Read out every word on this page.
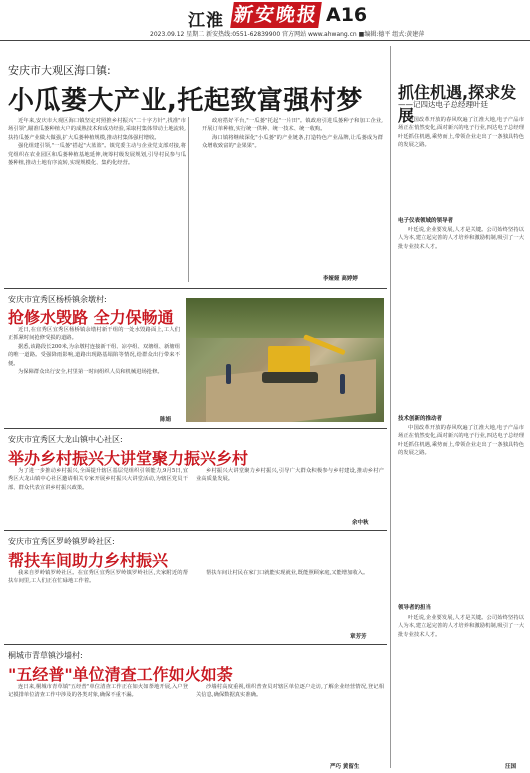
江淮 新安晚报 A16
2023.09.12 星期二 新安热线:0551-62839900 官方网站 www.ahwang.cn ■编辑:德平 组式:黄建萍
安庆市大观区海口镇:
小瓜蒌大产业,托起致富强村梦

近年来,安庆市大观区海口镇坚定对照推乡村振兴"二十字方针",找准"市场引领",瞄准瓜蒌种植大户的成熟技术和成功经验,采取村集体带动土地流转,扶持瓜蒌产业做大做强,扩大瓜蒌种植规模,推动村集体强村增收。

强化组建引领,"一瓜蒌"搭起"大蓝篮"。镇党委主动与企业党支部对接,将党组织在农业园区和瓜蒌种植基地延伸,统筹村级发展规划,引导村民参与瓜蒌种植,推动土地有序流转,实现规模化、集约化经营。

政府搭好平台,"一瓜蒌"托起"一片田"。镇政府引进瓜蒌种子和加工企业,开展订单种植,实行统一供种、统一技术、统一收购。

海口镇将继续深化"小瓜蒌"的产业链条,打造特色产业品牌,让瓜蒌成为群众增收致富的"金果果"。

李娅娅 高婷婷
安庆市宜秀区杨桥镇余墩村:
抢修水毁路 全力保畅通

近日,在宜秀区宜秀区杨桥镇余墩村新干组的一处水毁路面上,工人们正抓紧时间抢修受损的道路。

据悉,该路段长200米,为余墩村连接新干组、凉亭组、双塘组、新塘组的唯一道路。受强降雨影响,道路出现路基塌陷等情况,给群众出行带来不便。

为保障群众出行安全,村里第一时间组织人员和机械进场抢修。

陈娟
安庆市宜秀区大龙山镇中心社区:
举办乡村振兴大讲堂聚力振兴乡村

为了进一步推动乡村振兴,全面提升辖区基层党组织引领能力,9月5日,宜秀区大龙山镇中心社区邀请相关专家开展乡村振兴大讲堂活动,为辖区党员干部、群众代表宣讲乡村振兴政策。

乡村振兴大讲堂聚力乡村振兴,引导广大群众积极参与乡村建设,推动乡村产业高质量发展。

余中秋
安庆市宜秀区罗岭镇罗岭社区:
帮扶车间助力乡村振兴

我来自罗岭镇罗岭社区。在宜秀区宜秀区罗岭镇罗岭社区,夫家附近的帮扶车间里,工人们正在忙碌地工作着。

帮扶车间让村民在家门口就能实现就业,既能照顾家庭,又能增加收入。

章芳芳
桐城市青草镇沙墙村:
"五经普"单位清查工作如火如荼

连日来,桐城市青草镇"五经普"单位清查工作正在如火如荼地开展,入户登记摸排单位清查工作中涉及的各类对象,确保不重不漏。

沙墙村高度重视,组织普查员对辖区单位逐户走访,了解企业经营情况,登记相关信息,确保数据真实准确。

严巧 黄留生
抓住机遇,探求发展
——记四达电子总经理叶廷

中国改革开放的春风吹遍了江淮大地,电子产品市场正在悄然变化,面对新兴的电子行业,四达电子总经理叶廷抓住机遇,乘势而上,带领企业走出了一条独具特色的发展之路。

电子仪表领域的领导者

叶廷说,企业要发展,人才是关键。公司始终坚持以人为本,建立起完善的人才培养和激励机制,吸引了一大批专业技术人才。

技术创新的推动者

中国改革开放的春风吹遍了江淮大地,电子产品市场正在悄然变化,面对新兴的电子行业,四达电子总经理叶廷抓住机遇,乘势而上,带领企业走出了一条独具特色的发展之路。

领导者的担当

叶廷说,企业要发展,人才是关键。公司始终坚持以人为本,建立起完善的人才培养和激励机制,吸引了一大批专业技术人才。

汪国
